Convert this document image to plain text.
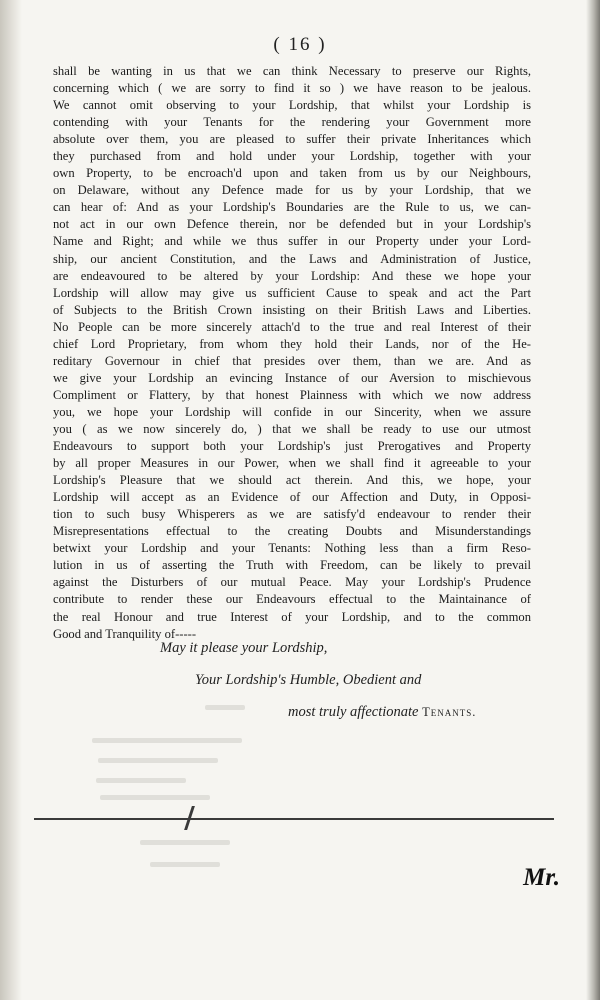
( 16 )
shall be wanting in us that we can think Necessary to preserve our Rights,
concerning which ( we are sorry to find it so ) we have reason to be jealous.
We cannot omit observing to your Lordship, that whilst your Lordship is
contending with your Tenants for the rendering your Government more
absolute over them, you are pleased to suffer their private Inheritances which
they purchased from and hold under your Lordship, together with your
own Property, to be encroach'd upon and taken from us by our Neighbours,
on Delaware, without any Defence made for us by your Lordship, that we
can hear of: And as your Lordship's Boundaries are the Rule to us, we can-
not act in our own Defence therein, nor be defended but in your Lordship's
Name and Right; and while we thus suffer in our Property under your Lord-
ship, our ancient Constitution, and the Laws and Administration of Justice,
are endeavoured to be altered by your Lordship: And these we hope your
Lordship will allow may give us sufficient Cause to speak and act the Part
of Subjects to the British Crown insisting on their British Laws and Liberties.
No People can be more sincerely attach'd to the true and real Interest of their
chief Lord Proprietary, from whom they hold their Lands, nor of the He-
reditary Governour in chief that presides over them, than we are. And as
we give your Lordship an evincing Instance of our Aversion to mischievous
Compliment or Flattery, by that honest Plainness with which we now address
you, we hope your Lordship will confide in our Sincerity, when we assure
you ( as we now sincerely do, ) that we shall be ready to use our utmost
Endeavours to support both your Lordship's just Prerogatives and Property
by all proper Measures in our Power, when we shall find it agreeable to your
Lordship's Pleasure that we should act therein. And this, we hope, your
Lordship will accept as an Evidence of our Affection and Duty, in Opposi-
tion to such busy Whisperers as we are satisfy'd endeavour to render their
Misrepresentations effectual to the creating Doubts and Misunderstandings
betwixt your Lordship and your Tenants: Nothing less than a firm Reso-
lution in us of asserting the Truth with Freedom, can be likely to prevail
against the Disturbers of our mutual Peace. May your Lordship's Prudence
contribute to render these our Endeavours effectual to the Maintainance of
the real Honour and true Interest of your Lordship, and to the common
Good and Tranquility of-----
May it please your Lordship,
Your Lordship's Humble, Obedient and
most truly affectionate Tenants.
Mr.
